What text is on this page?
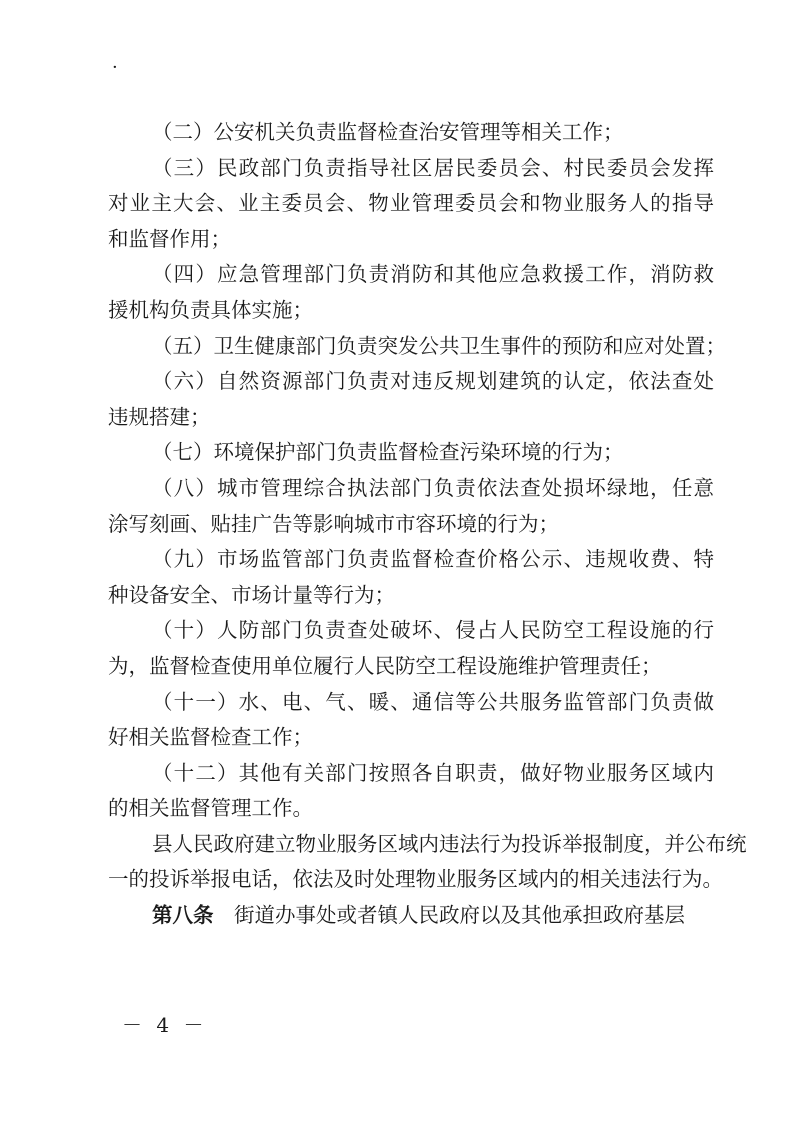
·
（二）公安机关负责监督检查治安管理等相关工作；
（三）民政部门负责指导社区居民委员会、村民委员会发挥
对业主大会、业主委员会、物业管理委员会和物业服务人的指导
和监督作用；
（四）应急管理部门负责消防和其他应急救援工作，消防救
援机构负责具体实施；
（五）卫生健康部门负责突发公共卫生事件的预防和应对处置；
（六）自然资源部门负责对违反规划建筑的认定，依法查处
违规搭建；
（七）环境保护部门负责监督检查污染环境的行为；
（八）城市管理综合执法部门负责依法查处损坏绿地，任意
涂写刻画、贴挂广告等影响城市市容环境的行为；
（九）市场监管部门负责监督检查价格公示、违规收费、特
种设备安全、市场计量等行为；
（十）人防部门负责查处破坏、侵占人民防空工程设施的行
为，监督检查使用单位履行人民防空工程设施维护管理责任；
（十一）水、电、气、暖、通信等公共服务监管部门负责做
好相关监督检查工作；
（十二）其他有关部门按照各自职责，做好物业服务区域内
的相关监督管理工作。
县人民政府建立物业服务区域内违法行为投诉举报制度，并公布统
一的投诉举报电话，依法及时处理物业服务区域内的相关违法行为。
第八条　 街道办事处或者镇人民政府以及其他承担政府基层
－ 4 －
